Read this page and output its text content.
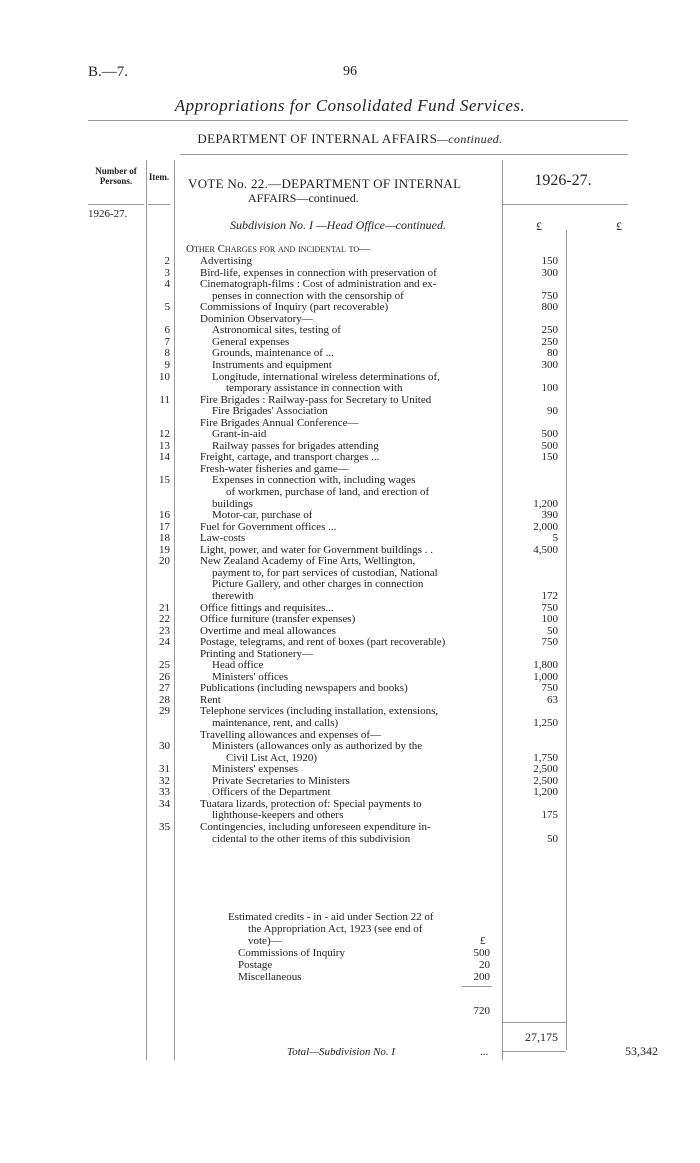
B.—7.	96
Appropriations for Consolidated Fund Services.
DEPARTMENT OF INTERNAL AFFAIRS—continued.
Number of Persons.	Item.	1926-27.
1926-27.
VOTE No. 22.—DEPARTMENT OF INTERNAL
AFFAIRS—continued.
Subdivision No. I —Head Office—continued.	£	£
Other Charges for and incidental to—
2	Advertising	150
3	Bird-life, expenses in connection with preservation of	300
4	Cinematograph-films : Cost of administration and ex-
penses in connection with the censorship of	750
5	Commissions of Inquiry (part recoverable)	800
Dominion Observatory—
6	Astronomical sites, testing of	250
7	General expenses	250
8	Grounds, maintenance of ...	80
9	Instruments and equipment	300
10	Longitude, international wireless determinations of,
temporary assistance in connection with	100
11	Fire Brigades : Railway-pass for Secretary to United
Fire Brigades' Association	90
Fire Brigades Annual Conference—
12	Grant-in-aid	500
13	Railway passes for brigades attending	500
14	Freight, cartage, and transport charges ...	150
Fresh-water fisheries and game—
15	Expenses in connection with, including wages
of workmen, purchase of land, and erection of
buildings	1,200
16	Motor-car, purchase of	390
17	Fuel for Government offices ...	2,000
18	Law-costs	5
19	Light, power, and water for Government buildings . .	4,500
20	New Zealand Academy of Fine Arts, Wellington,
payment to, for part services of custodian, National
Picture Gallery, and other charges in connection
therewith	172
21	Office fittings and requisites...	750
22	Office furniture (transfer expenses)	100
23	Overtime and meal allowances	50
24	Postage, telegrams, and rent of boxes (part recoverable)	750
Printing and Stationery—
25	Head office	1,800
26	Ministers' offices	1,000
27	Publications (including newspapers and books)	750
28	Rent	63
29	Telephone services (including installation, extensions,
maintenance, rent, and calls)	1,250
Travelling allowances and expenses of—
30	Ministers (allowances only as authorized by the
Civil List Act, 1920)	1,750
31	Ministers' expenses	2,500
32	Private Secretaries to Ministers	2,500
33	Officers of the Department	1,200
34	Tuatara lizards, protection of: Special payments to
lighthouse-keepers and others	175
35	Contingencies, including unforeseen expenditure in-
cidental to the other items of this subdivision	50
Estimated credits - in - aid under Section 22 of
the Appropriation Act, 1923 (see end of
vote)—	£
Commissions of Inquiry	500
Postage	20
Miscellaneous	200
720
27,175
Total—Subdivision No. I	...	53,342
